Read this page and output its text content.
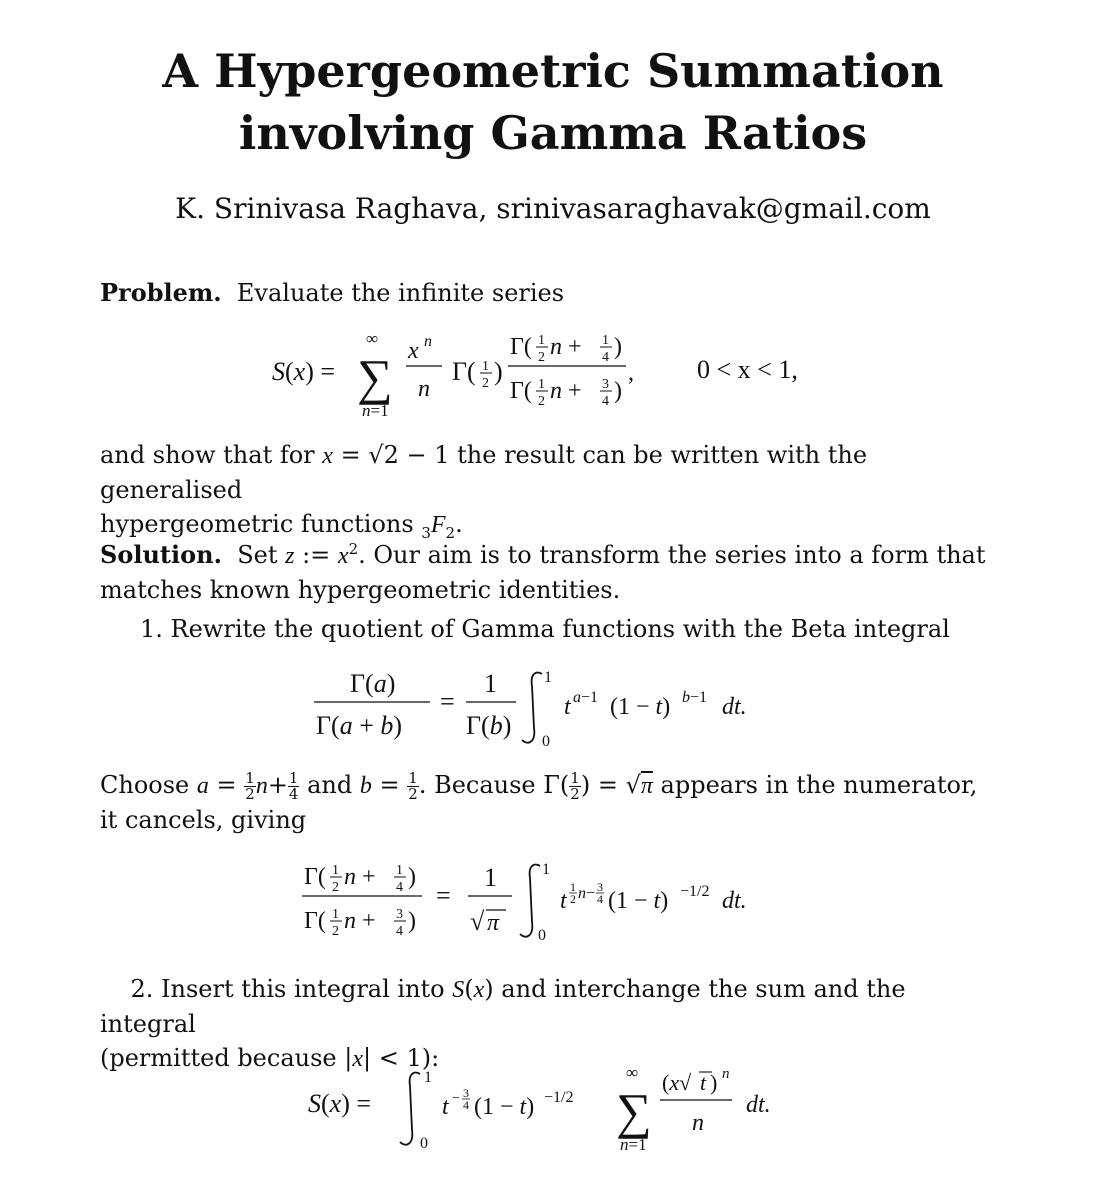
A Hypergeometric Summation
involving Gamma Ratios
K. Srinivasa Raghava, srinivasaraghavak@gmail.com
Problem. Evaluate the infinite series
S(x) =
∞
∑
n=1
x n
n
Γ( 1
2 )
Γ( 1
2 n + 1
4 )
Γ( 1
2 n + 3
4 )
, 0 < x < 1,
and show that for x = √2 − 1 the result can be written with the generalised
hypergeometric functions $_3F_2$.
Solution. Set z := $x^2$. Our aim is to transform the series into a form that
matches known hypergeometric identities.
1. Rewrite the quotient of Gamma functions with the Beta integral
Γ(a)
Γ(a + b)
=
1
Γ(b)
1
0
t a−1 (1 − t) b−1 dt.
Choose $a = \frac{1}{2} n+ \frac{1}{4}$ and $b = \frac{1}{2}$ . Because $\Gamma( \frac{1}{2}$ ) = √π appears in the numerator,
it cancels, giving
Γ( 1
2 n + 1
4 )
Γ( 1
2 n + 3
4 )
=
1
√ π
1
0
t
1
2 n− 3
4 (1 − t) −1/2 dt.
2. Insert this integral into S(x) and interchange the sum and the integral
(permitted because |x| < 1):
S(x) =
1
0
t − 3
4 (1 − t) −1/2
∞
∑
n=1
(x√ t ) n
n
dt.
